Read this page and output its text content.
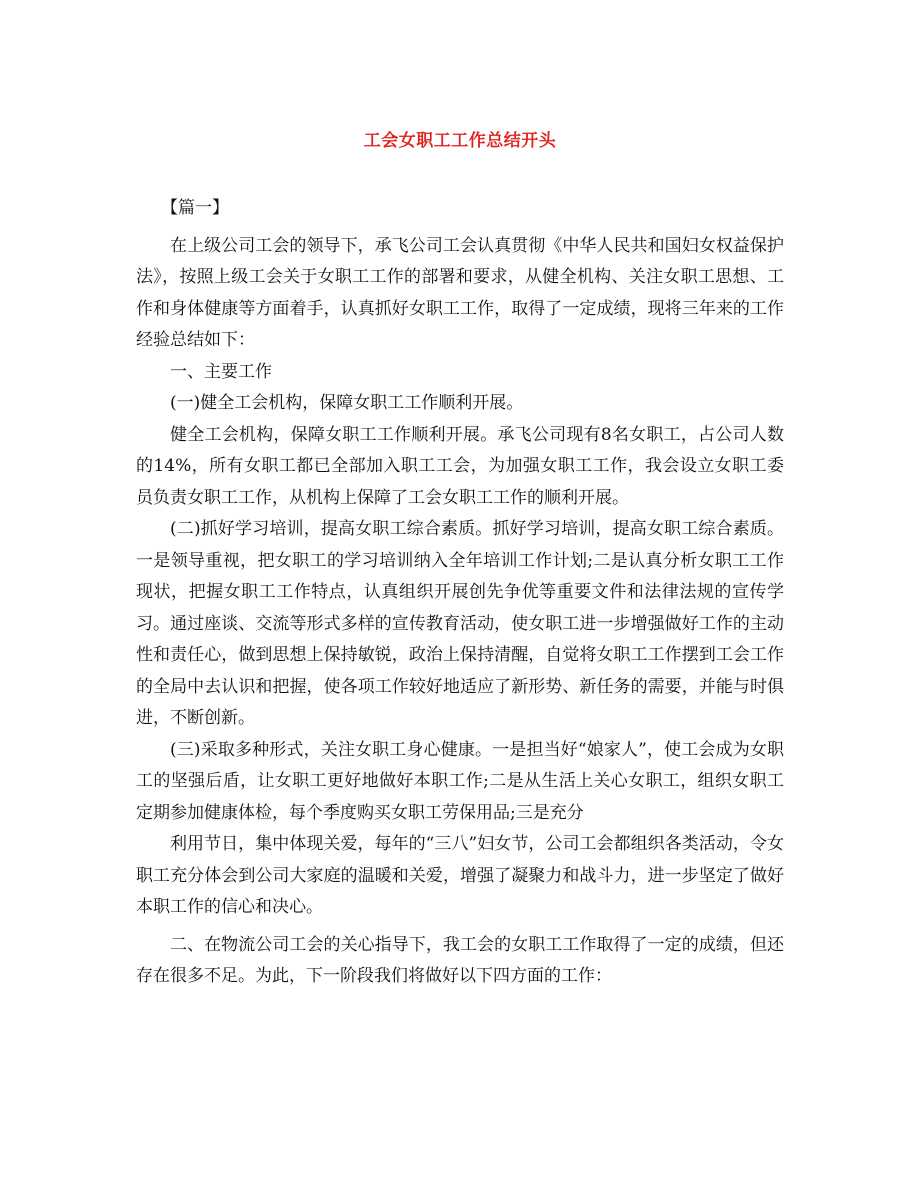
工会女职工工作总结开头

【篇一】

在上级公司工会的领导下，承飞公司工会认真贯彻《中华人民共和国妇女权益保护法》，按照上级工会关于女职工工作的部署和要求，从健全机构、关注女职工思想、工作和身体健康等方面着手，认真抓好女职工工作，取得了一定成绩，现将三年来的工作经验总结如下：

一、主要工作

(一)健全工会机构，保障女职工工作顺利开展。

健全工会机构，保障女职工工作顺利开展。承飞公司现有8名女职工，占公司人数的14%，所有女职工都已全部加入职工工会，为加强女职工工作，我会设立女职工委员负责女职工工作，从机构上保障了工会女职工工作的顺利开展。

(二)抓好学习培训，提高女职工综合素质。抓好学习培训，提高女职工综合素质。一是领导重视，把女职工的学习培训纳入全年培训工作计划;二是认真分析女职工工作现状，把握女职工工作特点，认真组织开展创先争优等重要文件和法律法规的宣传学习。通过座谈、交流等形式多样的宣传教育活动，使女职工进一步增强做好工作的主动性和责任心，做到思想上保持敏锐，政治上保持清醒，自觉将女职工工作摆到工会工作的全局中去认识和把握，使各项工作较好地适应了新形势、新任务的需要，并能与时俱进，不断创新。

(三)采取多种形式，关注女职工身心健康。一是担当好“娘家人”，使工会成为女职工的坚强后盾，让女职工更好地做好本职工作;二是从生活上关心女职工，组织女职工定期参加健康体检，每个季度购买女职工劳保用品;三是充分

利用节日，集中体现关爱，每年的“三八”妇女节，公司工会都组织各类活动，令女职工充分体会到公司大家庭的温暖和关爱，增强了凝聚力和战斗力，进一步坚定了做好本职工作的信心和决心。

二、在物流公司工会的关心指导下，我工会的女职工工作取得了一定的成绩，但还存在很多不足。为此，下一阶段我们将做好以下四方面的工作：
